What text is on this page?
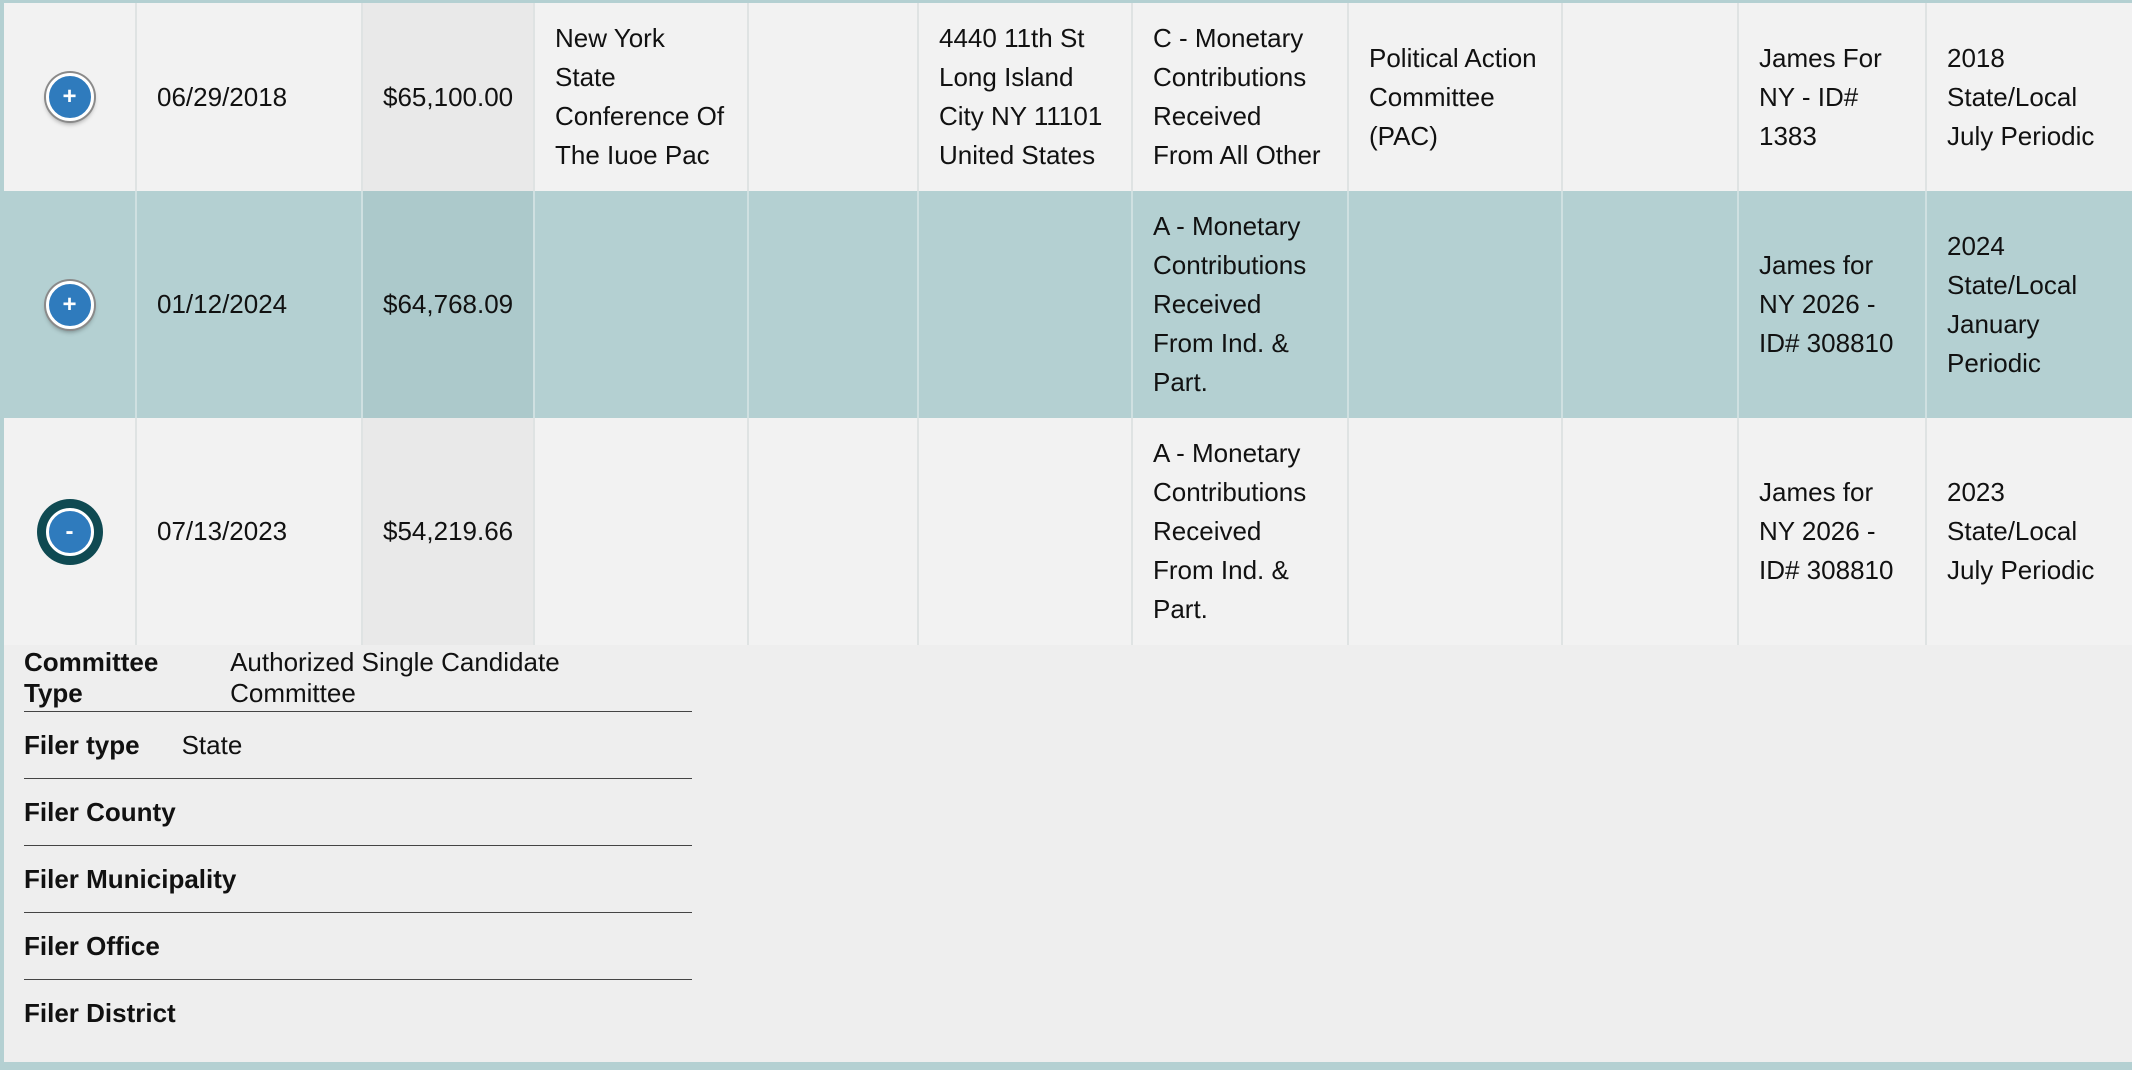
+	06/29/2018	$65,100.00	New York State Conference Of The Iuoe Pac		4440 11th St Long Island City NY 11101 United States	C - Monetary Contributions Received From All Other	Political Action Committee (PAC)		James For NY - ID# 1383	2018 State/Local July Periodic
+	01/12/2024	$64,768.09				A - Monetary Contributions Received From Ind. & Part.			James for NY 2026 - ID# 308810	2024 State/Local January Periodic
-	07/13/2023	$54,219.66				A - Monetary Contributions Received From Ind. & Part.			James for NY 2026 - ID# 308810	2023 State/Local July Periodic
Committee Type
Authorized Single Candidate Committee
Filer type State
Filer County
Filer Municipality
Filer Office
Filer District
